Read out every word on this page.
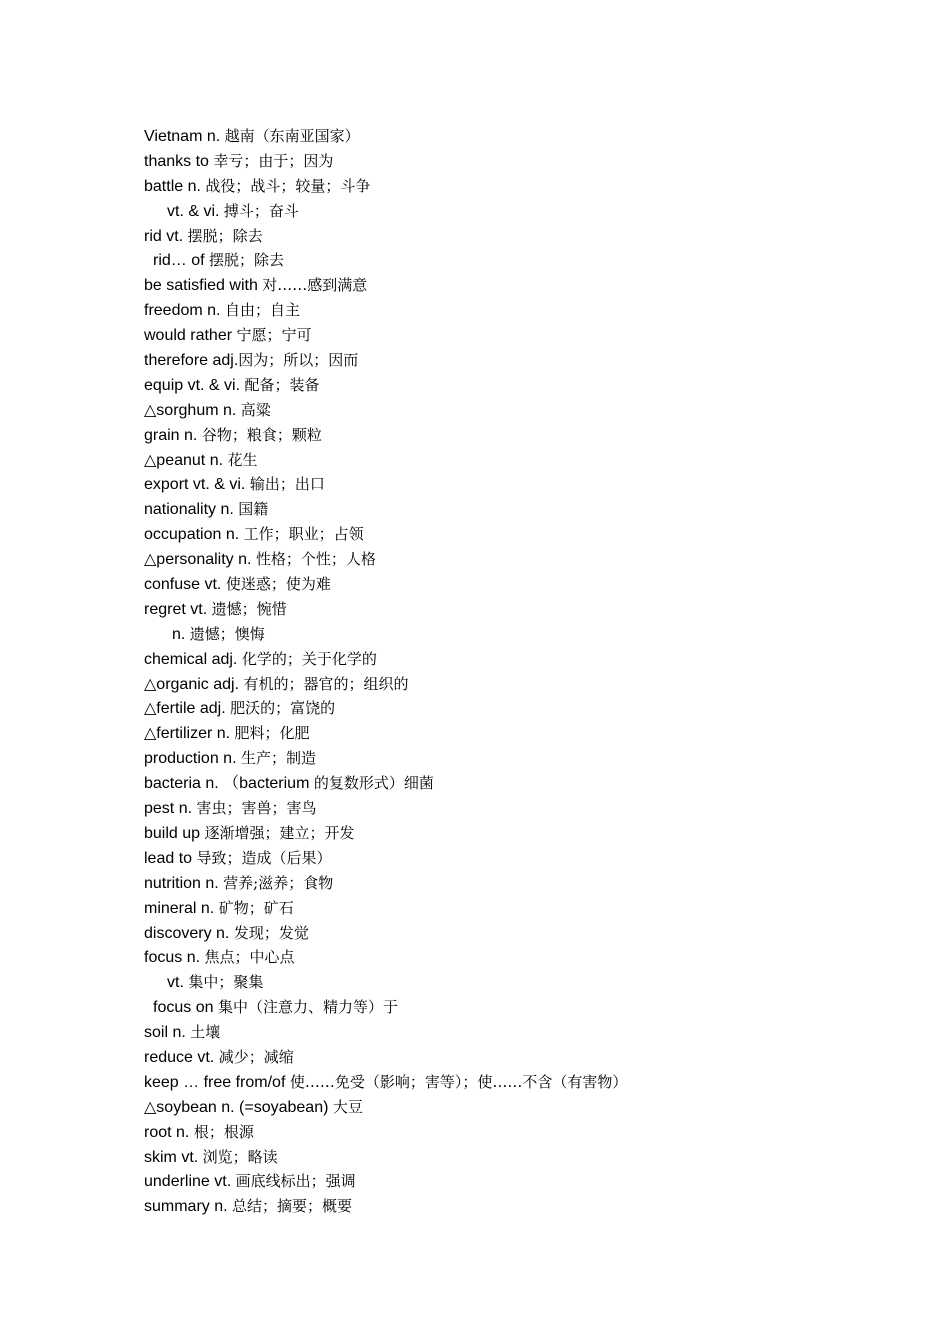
Vietnam n. 越南（东南亚国家）
thanks to 幸亏；由于；因为
battle n. 战役；战斗；较量；斗争
vt. & vi. 搏斗；奋斗
rid vt. 摆脱；除去
rid… of 摆脱；除去
be satisfied with 对……感到满意
freedom n. 自由；自主
would rather 宁愿；宁可
therefore adj.因为；所以；因而
equip vt. & vi. 配备；装备
△sorghum n. 高粱
grain n. 谷物；粮食；颗粒
△peanut n. 花生
export vt. & vi. 输出；出口
nationality n. 国籍
occupation n. 工作；职业；占领
△personality n. 性格；个性；人格
confuse vt. 使迷惑；使为难
regret vt. 遗憾；惋惜
n. 遗憾；懊悔
chemical adj. 化学的；关于化学的
△organic adj. 有机的；器官的；组织的
△fertile adj. 肥沃的；富饶的
△fertilizer n. 肥料；化肥
production n. 生产；制造
bacteria n. （bacterium 的复数形式）细菌
pest n. 害虫；害兽；害鸟
build up 逐渐增强；建立；开发
lead to 导致；造成（后果）
nutrition n. 营养;滋养；食物
mineral n. 矿物；矿石
discovery n. 发现；发觉
focus n. 焦点；中心点
vt. 集中；聚集
focus on 集中（注意力、精力等）于
soil n. 土壤
reduce vt. 减少；减缩
keep … free from/of 使……免受（影响；害等）；使……不含（有害物）
△soybean n. (=soyabean) 大豆
root n. 根；根源
skim vt. 浏览；略读
underline vt. 画底线标出；强调
summary n. 总结；摘要；概要
